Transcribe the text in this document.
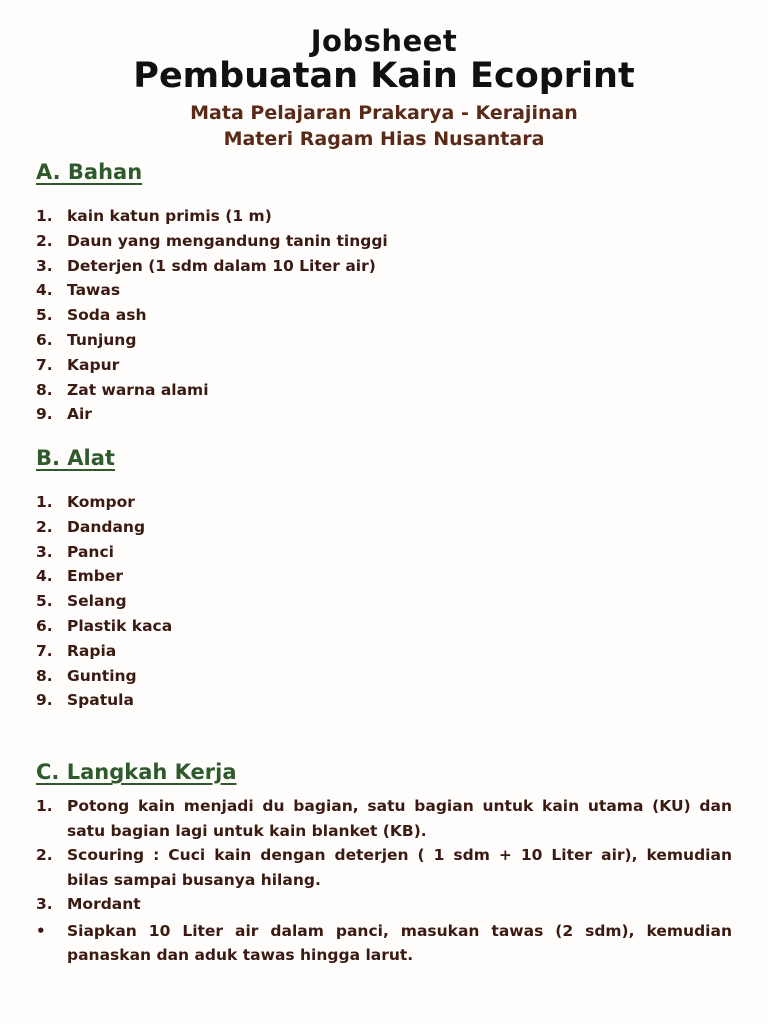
Jobsheet
Pembuatan Kain Ecoprint
Mata Pelajaran Prakarya - Kerajinan
Materi Ragam Hias Nusantara
A. Bahan
1. kain katun primis (1 m)
2. Daun yang mengandung tanin tinggi
3. Deterjen (1 sdm dalam 10 Liter air)
4. Tawas
5. Soda ash
6. Tunjung
7. Kapur
8. Zat warna alami
9. Air
B. Alat
1. Kompor
2. Dandang
3. Panci
4. Ember
5. Selang
6. Plastik kaca
7. Rapia
8. Gunting
9. Spatula
C. Langkah Kerja
1. Potong kain menjadi du bagian, satu bagian untuk kain utama (KU) dan satu bagian lagi untuk kain blanket (KB).
2. Scouring : Cuci kain dengan deterjen ( 1 sdm + 10 Liter air), kemudian bilas sampai busanya hilang.
3. Mordant
•	Siapkan 10 Liter air dalam panci, masukan tawas (2 sdm), kemudian panaskan dan aduk tawas hingga larut.
